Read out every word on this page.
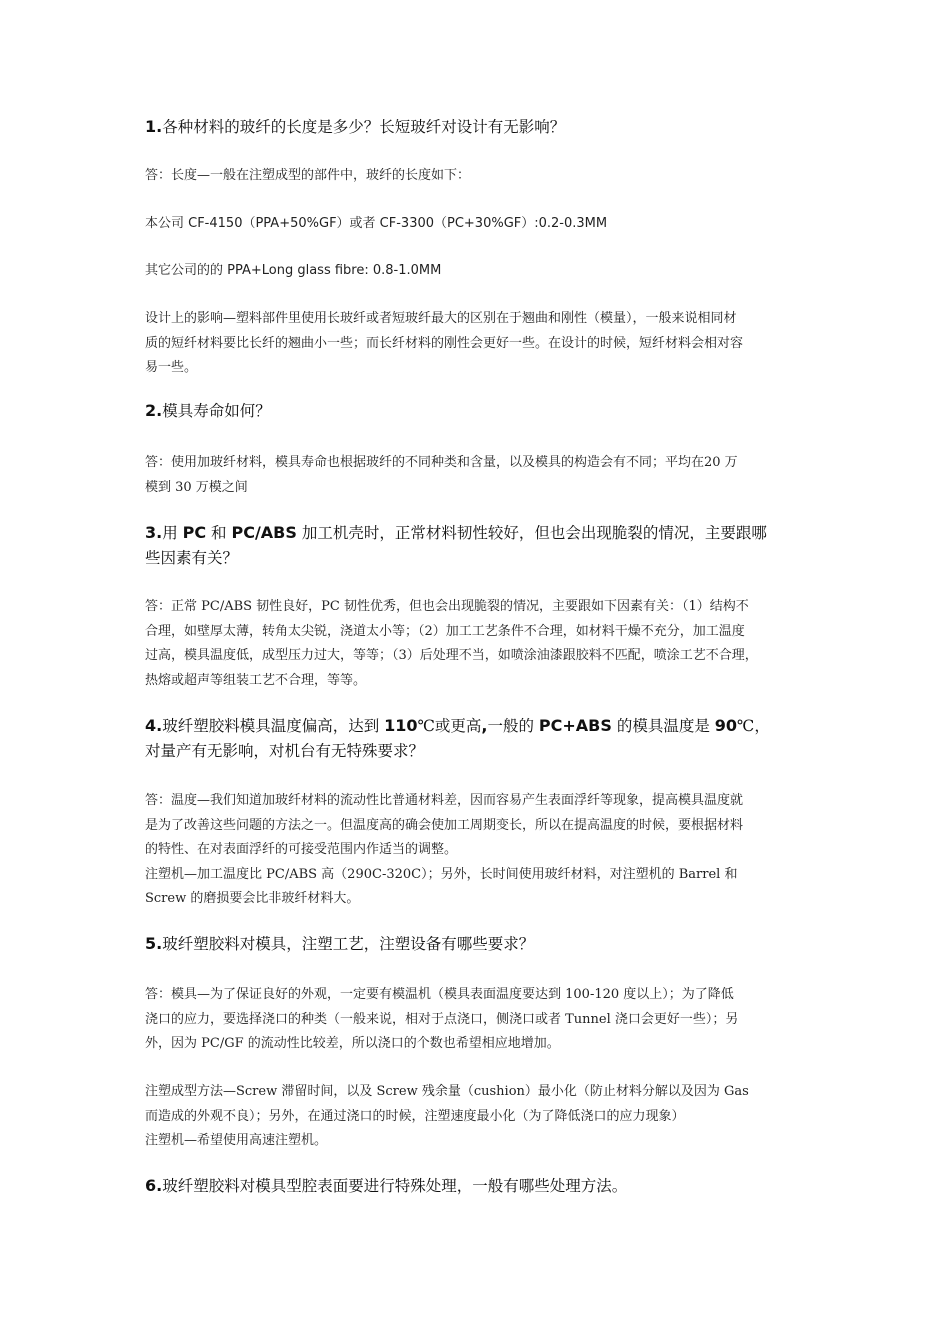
1.各种材料的玻纤的长度是多少？长短玻纤对设计有无影响？

答：长度—一般在注塑成型的部件中，玻纤的长度如下：

本公司 CF-4150（PPA+50%GF）或者 CF-3300（PC+30%GF）:0.2-0.3MM

其它公司的的 PPA+Long glass fibre: 0.8-1.0MM

设计上的影响—塑料部件里使用长玻纤或者短玻纤最大的区别在于翘曲和刚性（模量），一般来说相同材
质的短纤材料要比长纤的翘曲小一些；而长纤材料的刚性会更好一些。在设计的时候，短纤材料会相对容
易一些。

2.模具寿命如何？

答：使用加玻纤材料，模具寿命也根据玻纤的不同种类和含量，以及模具的构造会有不同；平均在20 万
模到 30 万模之间

3.用 PC 和 PC/ABS 加工机壳时，正常材料韧性较好，但也会出现脆裂的情况，主要跟哪
些因素有关？

答：正常 PC/ABS 韧性良好，PC 韧性优秀，但也会出现脆裂的情况，主要跟如下因素有关：（1）结构不
合理，如壁厚太薄，转角太尖锐，浇道太小等；（2）加工工艺条件不合理，如材料干燥不充分，加工温度
过高，模具温度低，成型压力过大，等等；（3）后处理不当，如喷涂油漆跟胶料不匹配，喷涂工艺不合理，
热熔或超声等组装工艺不合理，等等。

4.玻纤塑胶料模具温度偏高，达到 110℃或更高,一般的 PC+ABS 的模具温度是 90℃，
对量产有无影响，对机台有无特殊要求？

答：温度—我们知道加玻纤材料的流动性比普通材料差，因而容易产生表面浮纤等现象，提高模具温度就
是为了改善这些问题的方法之一。但温度高的确会使加工周期变长，所以在提高温度的时候，要根据材料
的特性、在对表面浮纤的可接受范围内作适当的调整。
注塑机—加工温度比 PC/ABS 高（290C-320C）；另外，长时间使用玻纤材料，对注塑机的 Barrel 和
Screw 的磨损要会比非玻纤材料大。

5.玻纤塑胶料对模具，注塑工艺，注塑设备有哪些要求？

答：模具—为了保证良好的外观，一定要有模温机（模具表面温度要达到 100-120 度以上）；为了降低
浇口的应力，要选择浇口的种类（一般来说，相对于点浇口，侧浇口或者 Tunnel 浇口会更好一些）；另
外，因为 PC/GF 的流动性比较差，所以浇口的个数也希望相应地增加。

注塑成型方法—Screw 滞留时间，以及 Screw 残余量（cushion）最小化（防止材料分解以及因为 Gas
而造成的外观不良）；另外，在通过浇口的时候，注塑速度最小化（为了降低浇口的应力现象）
注塑机—希望使用高速注塑机。

6.玻纤塑胶料对模具型腔表面要进行特殊处理，一般有哪些处理方法。
